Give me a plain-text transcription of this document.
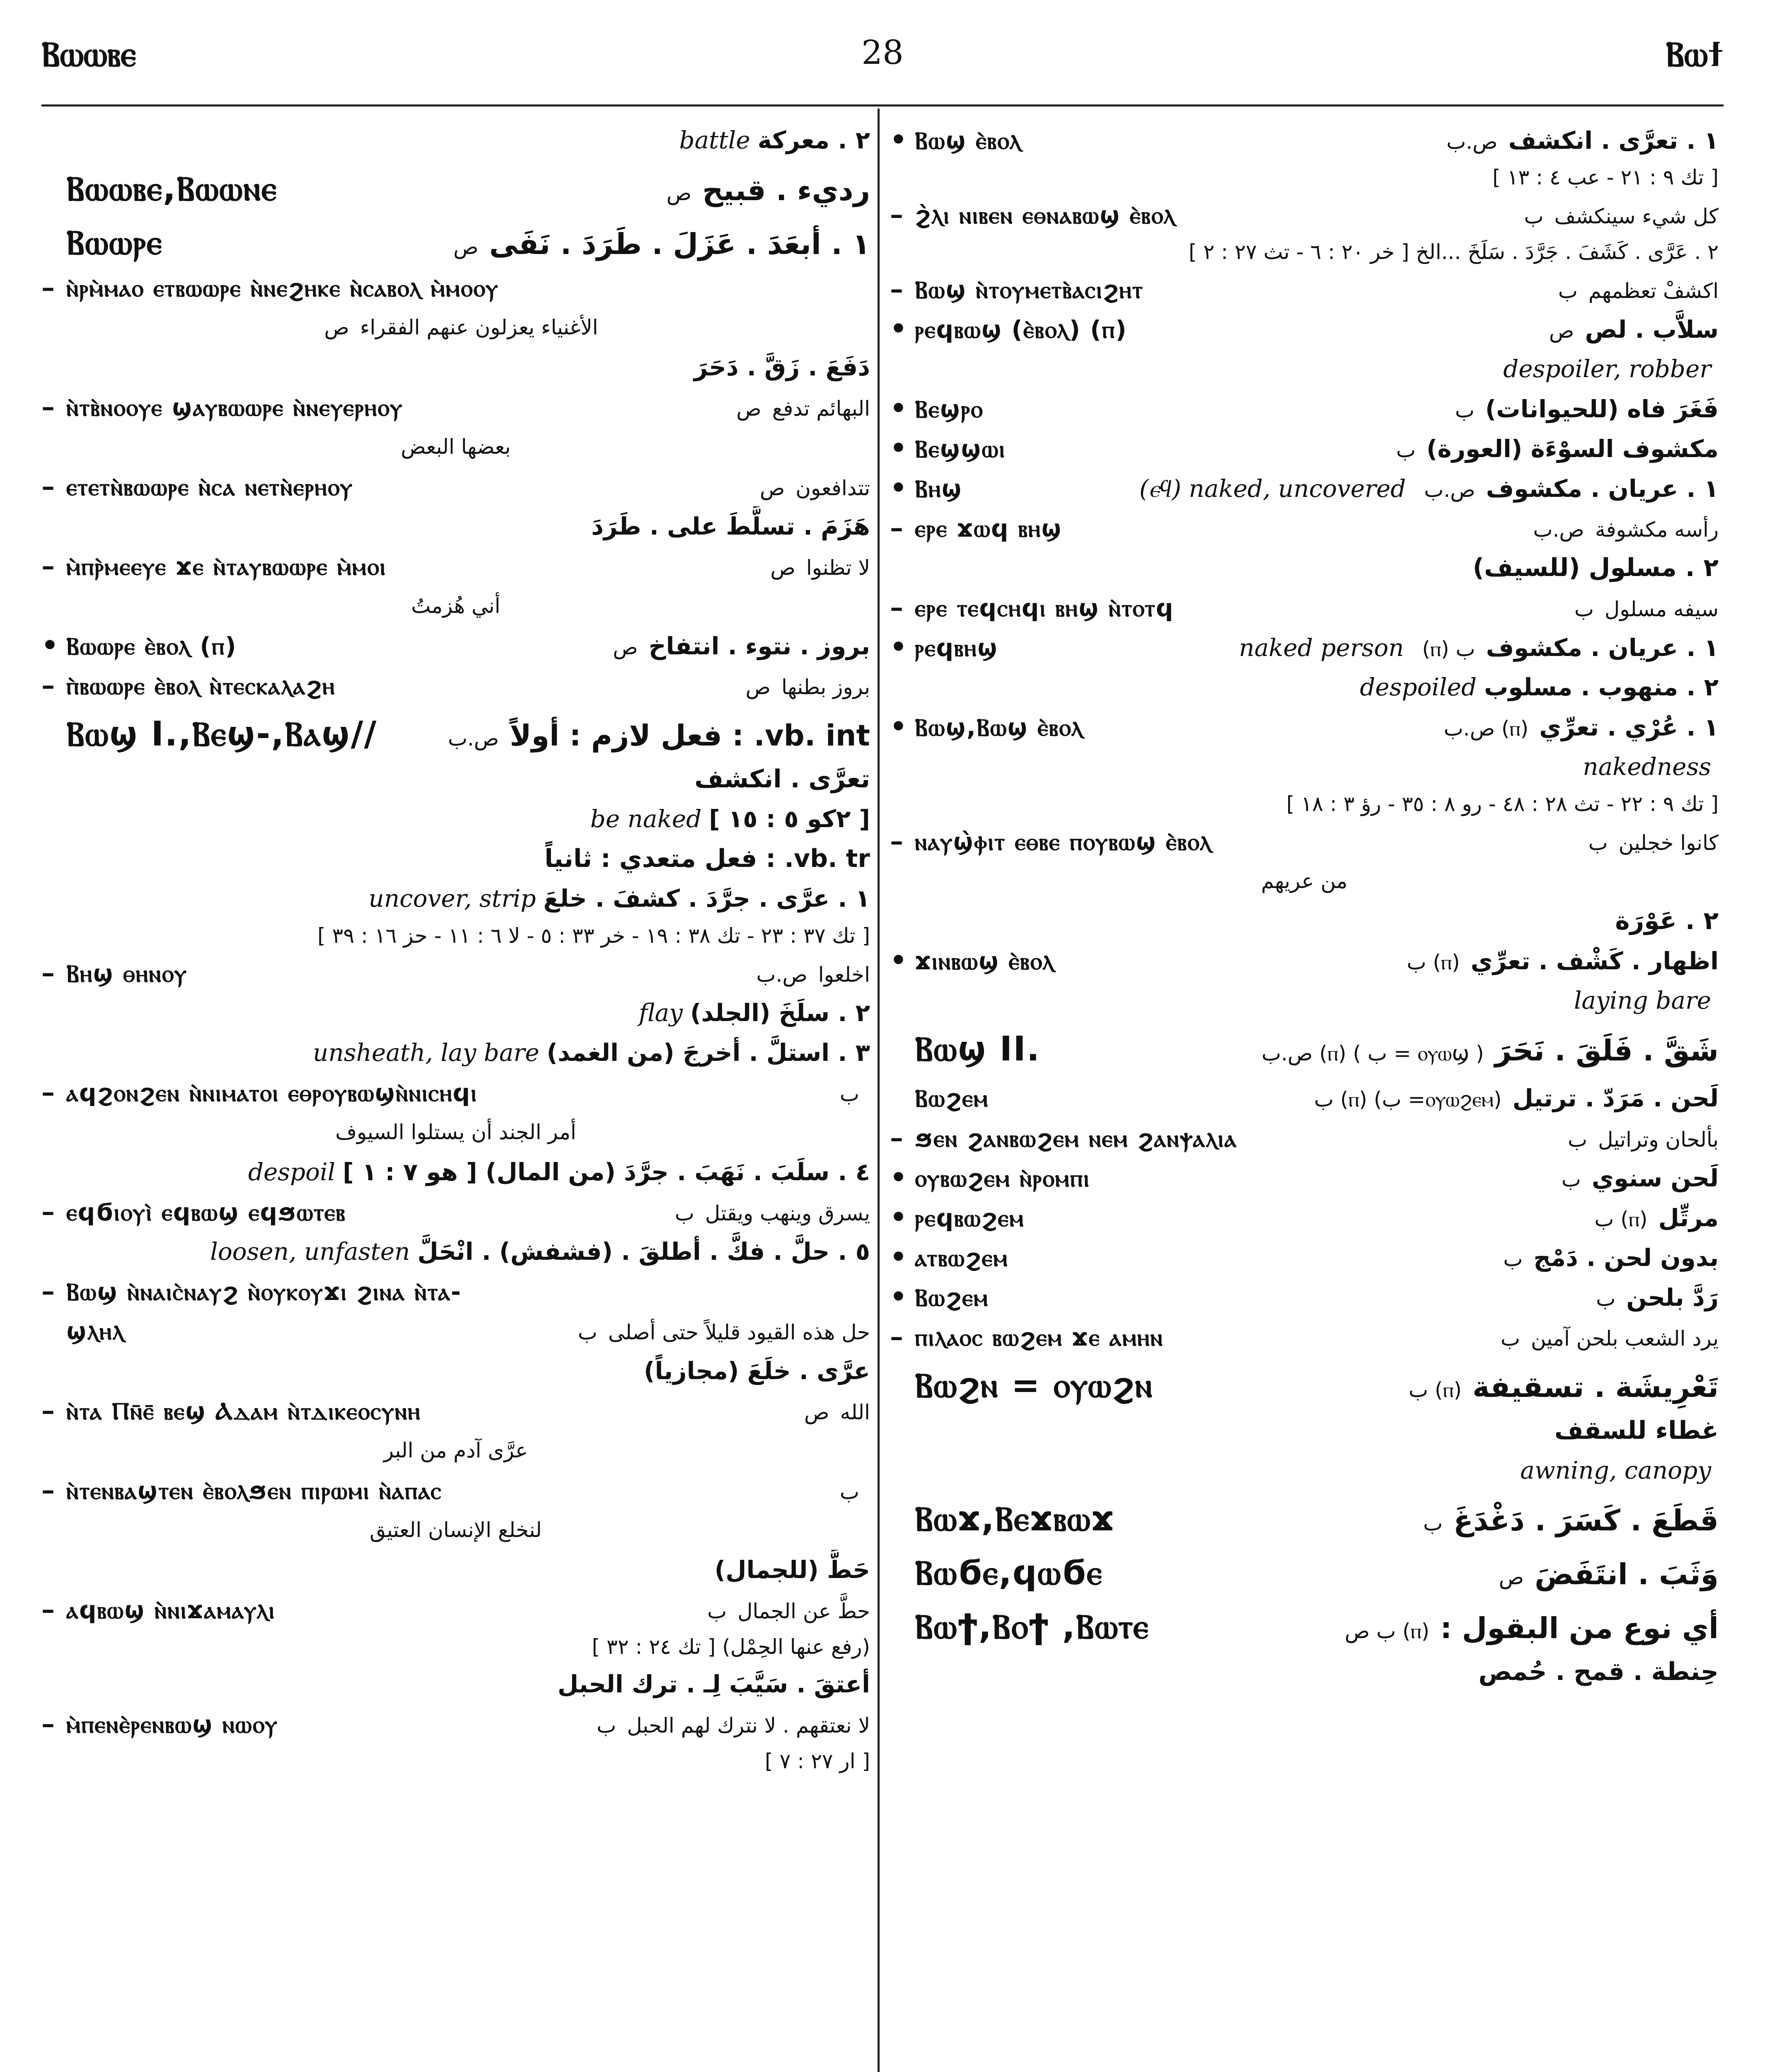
Ⲃⲱⲱⲃⲉ	28	Ⲃⲱϯ
battle ٢ . معركة
Ⲃⲱⲱⲃⲉ,Ⲃⲱⲱⲛⲉ	ص رديء . قبيح
Ⲃⲱⲱⲣⲉ	ص ١ . أبعَدَ . عَزَلَ . طَرَدَ . نَفَى
– ⲛ̀ⲣⲙ̀ⲙⲁⲟ ⲉⲧⲃⲱⲱⲣⲉ ⲛ̀ⲛⲉϩⲏⲕⲉ ⲛ̀ⲥⲁⲃⲟⲗ ⲙ̀ⲙⲟⲟⲩ
ص الأغنياء يعزلون عنهم الفقراء
دَفَعَ . زَقَّ . دَحَرَ
– ⲛ̀ⲧⲃ̀ⲛⲟⲟⲩⲉ ϣⲁⲩⲃⲱⲱⲣⲉ ⲛ̀ⲛⲉⲩⲉⲣⲏⲟⲩ	ص البهائم تدفع
بعضها البعض
– ⲉⲧⲉⲧⲛ̀ⲃⲱⲱⲣⲉ ⲛ̀ⲥⲁ ⲛⲉⲧⲛ̀ⲉⲣⲏⲟⲩ	ص تتدافعون
هَزَمَ . تسلَّطَ على . طَرَدَ
– ⲙ̀ⲡⲣ̀ⲙⲉⲉⲩⲉ ϫⲉ ⲛ̀ⲧⲁⲩⲃⲱⲱⲣⲉ ⲙ̀ⲙⲟⲓ	ص لا تظنوا
أني هُزمتُ
• Ⲃⲱⲱⲣⲉ ⲉ̀ⲃⲟⲗ (ⲡ)	ص بروز . نتوء . انتفاخ
– ⲡ̀ⲃⲱⲱⲣⲉ ⲉ̀ⲃⲟⲗ ⲛ̀ⲧⲉⲥⲕⲁⲗⲁϩⲏ	ص بروز بطنها
Ⲃⲱϣ I.,Ⲃⲉϣ-,Ⲃⲁϣ//	ص.ب vb. int. : فعل لازم : أولاً
تعرَّى . انكشف
be naked [ ٢كو ٥ : ١٥ ]
vb. tr. : فعل متعدي : ثانياً
uncover, strip ١ . عرَّى . جرَّدَ . كشفَ . خلعَ
[ تك ٣٧ : ٢٣ - تك ٣٨ : ١٩ - خر ٣٣ : ٥ - لا ٦ : ١١ - حز ١٦ : ٣٩ ]
– Ⲃⲏϣ ⲑⲏⲛⲟⲩ	ص.ب اخلعوا
flay ٢ . سلَخَ (الجلد)
unsheath, lay bare ٣ . استلَّ . أخرجَ (من الغمد)
– ⲁϥϩⲟⲛϩⲉⲛ ⲛ̀ⲛⲓⲙⲁⲧⲟⲓ ⲉⲑⲣⲟⲩⲃⲱϣⲛ̀ⲛⲓⲥⲏϥⲓ	ب
أمر الجند أن يستلوا السيوف
despoil ٤ . سلَبَ . نَهَبَ . جرَّدَ (من المال) [ هو ٧ : ١ ]
– ⲉϥϭⲓⲟⲩⲓ̀ ⲉϥⲃⲱϣ ⲉϥϧⲱⲧⲉⲃ	ب يسرق وينهب ويقتل
loosen, unfasten ٥ . حلَّ . فكَّ . أطلقَ . (فشفش) . انْحَلَّ
– Ⲃⲱϣ ⲛ̀ⲛⲁⲓⲥ̀ⲛⲁⲩϩ ⲛ̀ⲟⲩⲕⲟⲩϫⲓ ϩⲓⲛⲁ ⲛ̀ⲧⲁ-
ϣⲗⲏⲗ	ب حل هذه القيود قليلاً حتى أصلى
عرَّى . خلَعَ (مجازياً)
– ⲛ̀ⲧⲁ Ⲡⲛ̄ⲉ̄ ⲃⲉϣ Ⲁⲇⲁⲙ ⲛ̀ⲧⲇⲓⲕⲉⲟⲥⲩⲛⲏ	ص الله
عرَّى آدم من البر
– ⲛ̀ⲧⲉⲛⲃⲁϣⲧⲉⲛ ⲉ̀ⲃⲟⲗϧⲉⲛ ⲡⲓⲣⲱⲙⲓ ⲛ̀ⲁⲡⲁⲥ	ب
لنخلع الإنسان العتيق
حَطَّ (للجمال)
– ⲁϥⲃⲱϣ ⲛ̀ⲛⲓϫⲁⲙⲁⲩⲗⲓ	ب حطَّ عن الجمال
(رفع عنها الحِمْل) [ تك ٢٤ : ٣٢ ]
أعتقَ . سَيَّبَ لِـ . ترك الحبل
– ⲙ̀ⲡⲉⲛⲉ̀ⲣⲉⲛⲃⲱϣ ⲛⲱⲟⲩ	ب لا نعتقهم . لا نترك لهم الحبل
[ ار ٢٧ : ٧ ]
• Ⲃⲱϣ ⲉ̀ⲃⲟⲗ	ص.ب ١ . تعرَّى . انكشف
[ تك ٩ : ٢١ - عب ٤ : ١٣ ]
– ϩ̀ⲗⲓ ⲛⲓⲃⲉⲛ ⲉⲑⲛⲁⲃⲱϣ ⲉ̀ⲃⲟⲗ	ب كل شيء سينكشف
٢ . عَرَّى . كَشَفَ . جَرَّدَ . سَلَخَ ...الخ [ خر ٢٠ : ٦ - تث ٢٧ : ٢ ]
– Ⲃⲱϣ ⲛ̀ⲧⲟⲩⲙⲉⲧⲃ̀ⲁⲥⲓϩⲏⲧ	ب اكشفْ تعظمهم
• ⲣⲉϥⲃⲱϣ (ⲉ̀ⲃⲟⲗ) (ⲡ)	ص سلاَّب . لص
despoiler, robber
• Ⲃⲉϣⲣⲟ	ب فَغَرَ فاه (للحيوانات)
• Ⲃⲉϣϣⲱⲓ	ب مكشوف السوْءَة (العورة)
• Ⲃⲏϣ	(ⲉϥ) naked, uncovered ص.ب ١ . عريان . مكشوف
– ⲉⲣⲉ ϫⲱϥ ⲃⲏϣ	ص.ب رأسه مكشوفة
٢ . مسلول (للسيف)
– ⲉⲣⲉ ⲧⲉϥⲥⲏϥⲓ ⲃⲏϣ ⲛ̀ⲧⲟⲧϥ	ب سيفه مسلول
• ⲣⲉϥⲃⲏϣ	naked person (ⲡ) ب ١ . عريان . مكشوف
despoiled ٢ . منهوب . مسلوب
• Ⲃⲱϣ,Ⲃⲱϣ ⲉ̀ⲃⲟⲗ	ص.ب (ⲡ) ١ . عُرْي . تعرِّي
nakedness
[ تك ٩ : ٢٢ - تث ٢٨ : ٤٨ - رو ٨ : ٣٥ - رؤ ٣ : ١٨ ]
– ⲛⲁⲩϣ̀ⲫⲓⲧ ⲉⲑⲃⲉ ⲡⲟⲩⲃⲱϣ ⲉ̀ⲃⲟⲗ	ب كانوا خجلين
من عريهم
٢ . عَوْرَة
• ϫⲓⲛⲃⲱϣ ⲉ̀ⲃⲟⲗ	ب (ⲡ) اظهار . كَشْف . تعرِّي
laying bare
Ⲃⲱϣ II.	ص.ب (ⲡ) ( ب = ⲟⲩⲱϣ ) شَقَّ . فَلَقَ . نَحَرَ
Ⲃⲱϩⲉⲙ	ب (ⲡ) (ب =ⲟⲩⲱϩⲉⲙ) لَحن . مَرَدّ . ترتيل
– ϧⲉⲛ ϩⲁⲛⲃⲱϩⲉⲙ ⲛⲉⲙ ϩⲁⲛⲯⲁⲗⲓⲁ	ب بألحان وتراتيل
• ⲟⲩⲃⲱϩⲉⲙ ⲛ̀ⲣⲟⲙⲡⲓ	ب لَحن سنوي
• ⲣⲉϥⲃⲱϩⲉⲙ	ب (ⲡ) مرتِّل
• ⲁⲧⲃⲱϩⲉⲙ	ب بدون لحن . دَمْج
• Ⲃⲱϩⲉⲙ	ب رَدَّ بلحن
– ⲡⲓⲗⲁⲟⲥ ⲃⲱϩⲉⲙ ϫⲉ ⲁⲙⲏⲛ	ب يرد الشعب بلحن آمين
Ⲃⲱϩⲛ = ⲟⲩⲱϩⲛ	ب (ⲡ) تَعْرِيشَة . تسقيفة
غطاء للسقف
awning, canopy
Ⲃⲱϫ,Ⲃⲉϫⲃⲱϫ	ب قَطَعَ . كَسَرَ . دَغْدَغَ
Ⲃⲱϭⲉ,ϥⲱϭⲉ	ص وَثَبَ . انتَفَضَ
Ⲃⲱϯ,Ⲃⲟϯ ,Ⲃⲱⲧⲉ	ب ص (ⲡ) أي نوع من البقول :
حِنطة . قمح . حُمص
